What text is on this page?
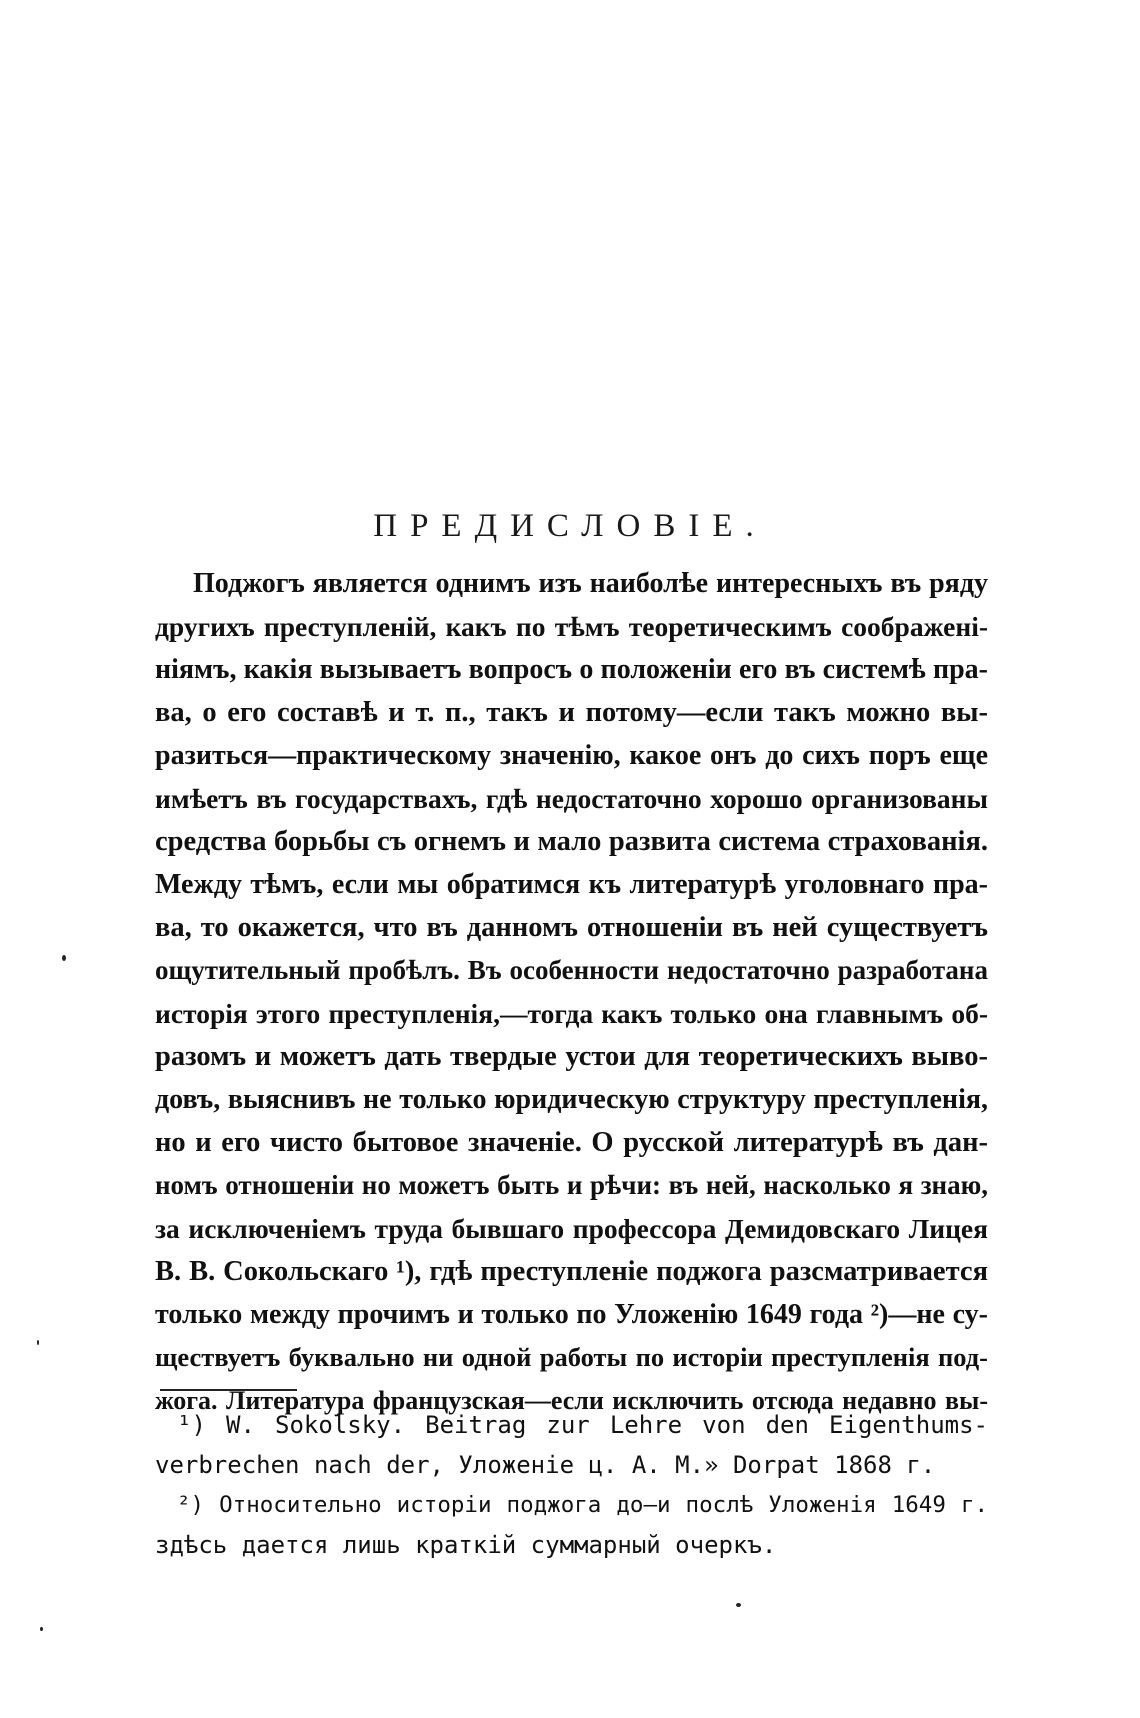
ПРЕДИСЛОВІЕ.
Поджогъ является однимъ изъ наиболѣе интересныхъ въ ряду
другихъ преступленій, какъ по тѣмъ теоретическимъ соображені-
ніямъ, какія вызываетъ вопросъ о положеніи его въ системѣ пра-
ва, о его составѣ и т. п., такъ и потому—если такъ можно вы-
разиться—практическому значенію, какое онъ до сихъ поръ еще
имѣетъ въ государствахъ, гдѣ недостаточно хорошо организованы
средства борьбы съ огнемъ и мало развита система страхованія.
Между тѣмъ, если мы обратимся къ литературѣ уголовнаго пра-
ва, то окажется, что въ данномъ отношеніи въ ней существуетъ
ощутительный пробѣлъ. Въ особенности недостаточно разработана
исторія этого преступленія,—тогда какъ только она главнымъ об-
разомъ и можетъ дать твердые устои для теоретическихъ выво-
довъ, выяснивъ не только юридическую структуру преступленія,
но и его чисто бытовое значеніе. О русской литературѣ въ дан-
номъ отношеніи но можетъ быть и рѣчи: въ ней, насколько я знаю,
за исключеніемъ труда бывшаго профессора Демидовскаго Лицея
В. В. Сокольскаго ¹), гдѣ преступленіе поджога разсматривается
только между прочимъ и только по Уложенію 1649 года ²)—не су-
ществуетъ буквально ни одной работы по исторіи преступленія под-
жога. Литература французская—если исключить отсюда недавно вы-
¹) W. Sokolsky. Beitrag zur Lehre von den Eigenthums-
verbrechen nach der, Уложеніе ц. А. М.» Dorpat 1868 г.
²) Относительно исторіи поджога до—и послѣ Уложенія 1649 г.
здѣсь дается лишь краткій суммарный очеркъ.
